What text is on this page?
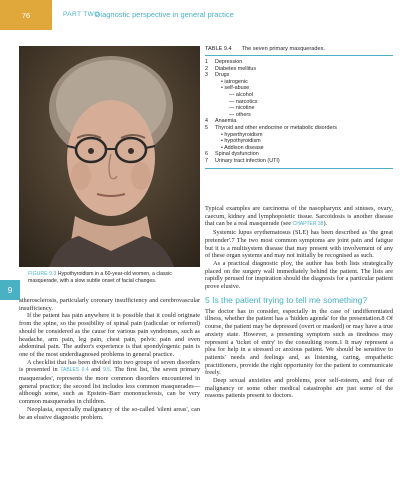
76	PART TWO
Diagnostic perspective in general practice
9
FIGURE 9.3 Hypothyroidism in a 60-year-old women, a classic masquerade, with a slow subtle onset of facial changes.
TABLE 9.4 The seven primary masquerades.
1	Depression
2	Diabetes mellitus
3	Drugs
• iatrogenic
• self-abuse
— alcohol
— narcotics
— nicotine
— others
4	Anaemia
5	Thyroid and other endocrine or metabolic disorders
• hyperthyroidism
• hypothyroidism
• Addison disease
6	Spinal dysfunction
7	Urinary tract infection (UTI)

Typical examples are carcinoma of the nasopharynx and sinuses, ovary, caecum, kidney and lymphopoietic tissue. Sarcoidosis is another disease that can be a real masquerade (see CHAPTER 38).

Systemic lupus erythematosus (SLE) has been described as 'the great pretender'.7 The two most common symptoms are joint pain and fatigue but it is a multisystem disease that may present with involvement of any of these organ systems and may not initially be recognised as such.

As a practical diagnostic ploy, the author has both lists strategically placed on the surgery wall immediately behind the patient. The lists are rapidly perused for inspiration should the diagnosis for a particular patient prove elusive.

5 Is the patient trying to tell me something?

The doctor has to consider, especially in the case of undifferentiated illness, whether the patient has a 'hidden agenda' for the presentation.8 Of course, the patient may be depressed (overt or masked) or may have a true anxiety state. However, a presenting symptom such as tiredness may represent a 'ticket of entry' to the consulting room.1 It may represent a plea for help in a stressed or anxious patient. We should be sensitive to patients' needs and feelings and, as listening, caring, empathetic practitioners, provide the right opportunity for the patient to communicate freely.

Deep sexual anxieties and problems, poor self-esteem, and fear of malignancy or some other medical catastrophe are just some of the reasons patients present to doctors.

atherosclerosis, particularly coronary insufficiency and cerebrovascular insufficiency.

If the patient has pain anywhere it is possible that it could originate from the spine, so the possibility of spinal pain (radicular or referred) should be considered as the cause for various pain syndromes, such as headache, arm pain, leg pain, chest pain, pelvic pain and even abdominal pain. The author's experience is that spondylogenic pain is one of the most underdiagnosed problems in general practice.

A checklist that has been divided into two groups of seven disorders is presented in TABLES 9.4 and 9.5. The first list, 'the seven primary masquerades', represents the more common disorders encountered in general practice; the second list includes less common masquerades—although some, such as Epstein–Barr mononucleosis, can be very common masquerades in children.

Neoplasia, especially malignancy of the so-called 'silent areas', can be an elusive diagnostic problem.
